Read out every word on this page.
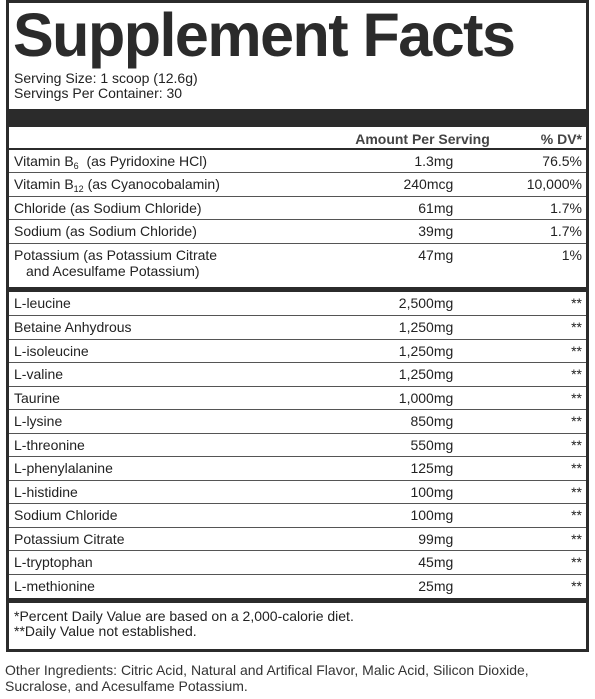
Supplement Facts
Serving Size: 1 scoop (12.6g)
Servings Per Container: 30
	Amount Per Serving	% DV*
Vitamin $B_6$  (as Pyridoxine HCl)	1.3mg	76.5%
Vitamin $B_{12}$ (as Cyanocobalamin)	240mcg	10,000%
Chloride (as Sodium Chloride)	61mg	1.7%
Sodium (as Sodium Chloride)	39mg	1.7%
Potassium (as Potassium Citrate
and Acesulfame Potassium)	47mg	1%
L-leucine	2,500mg	**
Betaine Anhydrous	1,250mg	**
L-isoleucine	1,250mg	**
L-valine	1,250mg	**
Taurine	1,000mg	**
L-lysine	850mg	**
L-threonine	550mg	**
L-phenylalanine	125mg	**
L-histidine	100mg	**
Sodium Chloride	100mg	**
Potassium Citrate	99mg	**
L-tryptophan	45mg	**
L-methionine	25mg	**
*Percent Daily Value are based on a 2,000-calorie diet.
**Daily Value not established.
Other Ingredients: Citric Acid, Natural and Artifical Flavor, Malic Acid, Silicon Dioxide, Sucralose, and Acesulfame Potassium.
